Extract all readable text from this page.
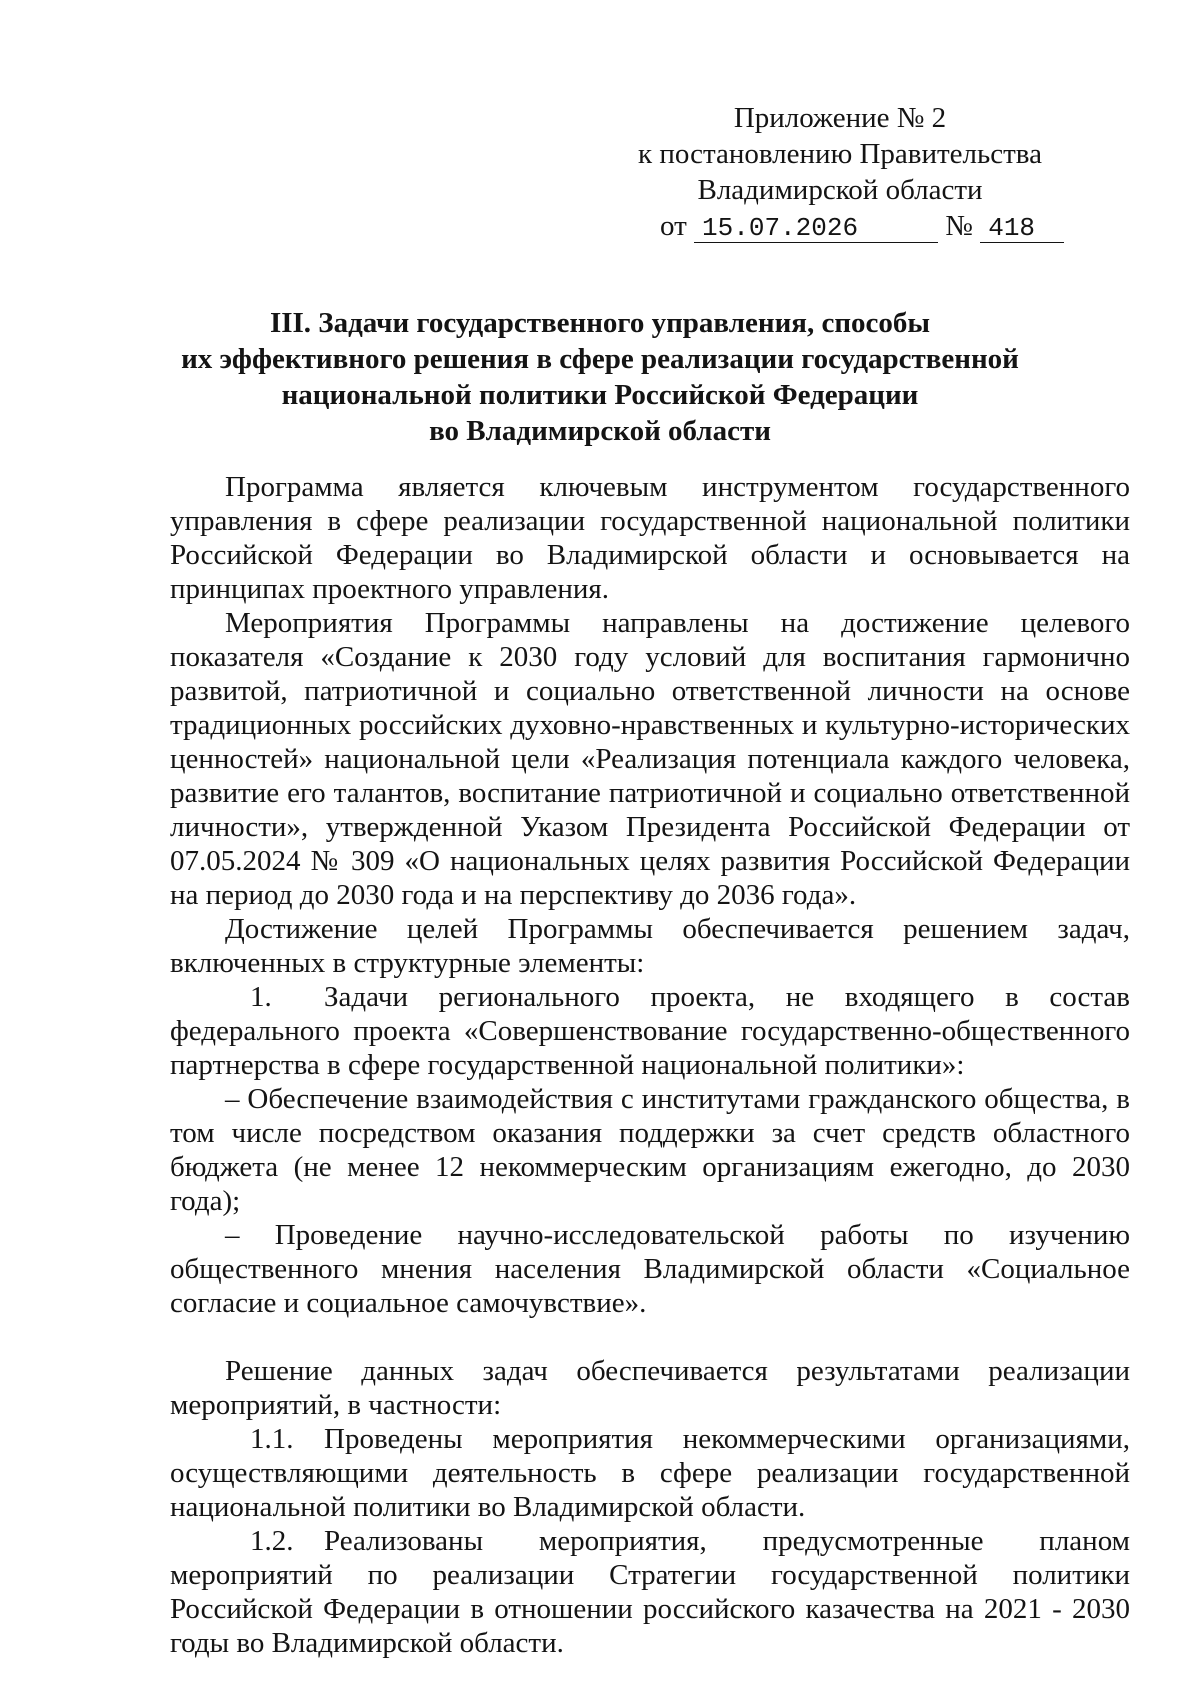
Приложение № 2
к постановлению Правительства
Владимирской области
от 15.07.2026	№ 418
III. Задачи государственного управления, способы
их эффективного решения в сфере реализации государственной
национальной политики Российской Федерации
во Владимирской области

Программа является ключевым инструментом государственного управления в сфере реализации государственной национальной политики Российской Федерации во Владимирской области и основывается на принципах проектного управления.

Мероприятия Программы направлены на достижение целевого показателя «Создание к 2030 году условий для воспитания гармонично развитой, патриотичной и социально ответственной личности на основе традиционных российских духовно-нравственных и культурно-исторических ценностей» национальной цели «Реализация потенциала каждого человека, развитие его талантов, воспитание патриотичной и социально ответственной личности», утвержденной Указом Президента Российской Федерации от 07.05.2024 № 309 «О национальных целях развития Российской Федерации на период до 2030 года и на перспективу до 2036 года».

Достижение целей Программы обеспечивается решением задач, включенных в структурные элементы:

1. Задачи регионального проекта, не входящего в состав федерального проекта «Совершенствование государственно-общественного партнерства в сфере государственной национальной политики»:

– Обеспечение взаимодействия с институтами гражданского общества, в том числе посредством оказания поддержки за счет средств областного бюджета (не менее 12 некоммерческим организациям ежегодно, до 2030 года);

– Проведение научно-исследовательской работы по изучению общественного мнения населения Владимирской области «Социальное согласие и социальное самочувствие».

Решение данных задач обеспечивается результатами реализации мероприятий, в частности:

1.1. Проведены мероприятия некоммерческими организациями, осуществляющими деятельность в сфере реализации государственной национальной политики во Владимирской области.

1.2. Реализованы мероприятия, предусмотренные планом мероприятий по реализации Стратегии государственной политики Российской Федерации в отношении российского казачества на 2021 - 2030 годы во Владимирской области.
